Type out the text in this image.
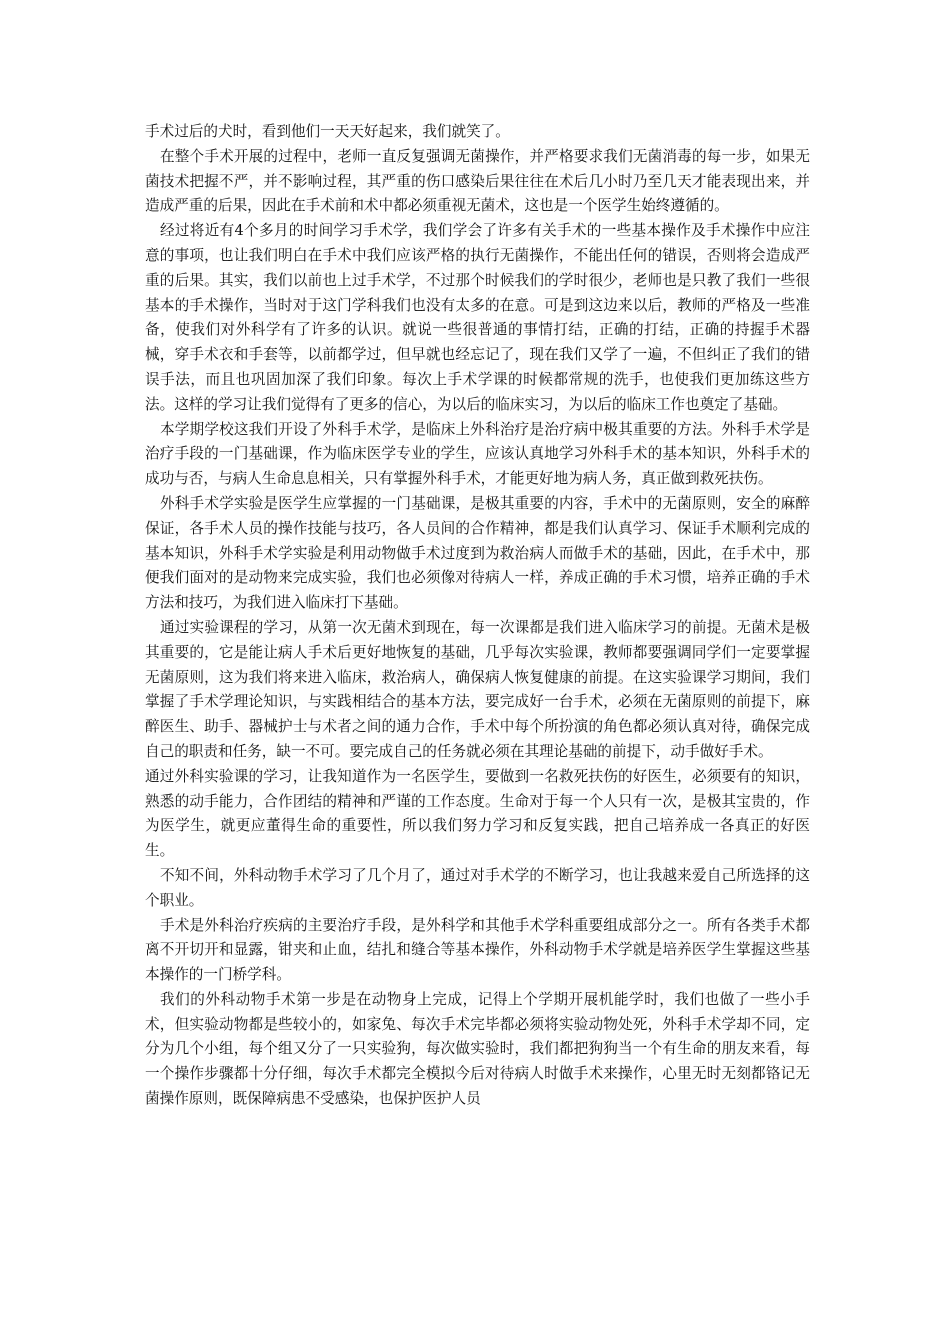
手术过后的犬时，看到他们一天天好起来，我们就笑了。

在整个手术开展的过程中，老师一直反复强调无菌操作，并严格要求我们无菌消毒的每一步，如果无菌技术把握不严，并不影响过程，其严重的伤口感染后果往往在术后几小时乃至几天才能表现出来，并造成严重的后果，因此在手术前和术中都必须重视无菌术，这也是一个医学生始终遵循的。

经过将近有4个多月的时间学习手术学，我们学会了许多有关手术的一些基本操作及手术操作中应注意的事项，也让我们明白在手术中我们应该严格的执行无菌操作，不能出任何的错误，否则将会造成严重的后果。其实，我们以前也上过手术学，不过那个时候我们的学时很少，老师也是只教了我们一些很基本的手术操作，当时对于这门学科我们也没有太多的在意。可是到这边来以后，教师的严格及一些准备，使我们对外科学有了许多的认识。就说一些很普通的事情打结，正确的打结，正确的持握手术器械，穿手术衣和手套等，以前都学过，但早就也经忘记了，现在我们又学了一遍，不但纠正了我们的错误手法，而且也巩固加深了我们印象。每次上手术学课的时候都常规的洗手，也使我们更加练这些方法。这样的学习让我们觉得有了更多的信心，为以后的临床实习，为以后的临床工作也奠定了基础。

本学期学校这我们开设了外科手术学，是临床上外科治疗是治疗病中极其重要的方法。外科手术学是治疗手段的一门基础课，作为临床医学专业的学生，应该认真地学习外科手术的基本知识，外科手术的成功与否，与病人生命息息相关，只有掌握外科手术，才能更好地为病人务，真正做到救死扶伤。

外科手术学实验是医学生应掌握的一门基础课，是极其重要的内容，手术中的无菌原则，安全的麻醉保证，各手术人员的操作技能与技巧，各人员间的合作精神，都是我们认真学习、保证手术顺利完成的基本知识，外科手术学实验是利用动物做手术过度到为救治病人而做手术的基础，因此，在手术中，那便我们面对的是动物来完成实验，我们也必须像对待病人一样，养成正确的手术习惯，培养正确的手术方法和技巧，为我们进入临床打下基础。

通过实验课程的学习，从第一次无菌术到现在，每一次课都是我们进入临床学习的前提。无菌术是极其重要的，它是能让病人手术后更好地恢复的基础，几乎每次实验课，教师都要强调同学们一定要掌握无菌原则，这为我们将来进入临床，救治病人，确保病人恢复健康的前提。在这实验课学习期间，我们掌握了手术学理论知识，与实践相结合的基本方法，要完成好一台手术，必须在无菌原则的前提下，麻醉医生、助手、器械护士与术者之间的通力合作，手术中每个所扮演的角色都必须认真对待，确保完成自己的职责和任务，缺一不可。要完成自己的任务就必须在其理论基础的前提下，动手做好手术。

通过外科实验课的学习，让我知道作为一名医学生，要做到一名救死扶伤的好医生，必须要有的知识，熟悉的动手能力，合作团结的精神和严谨的工作态度。生命对于每一个人只有一次，是极其宝贵的，作为医学生，就更应董得生命的重要性，所以我们努力学习和反复实践，把自己培养成一各真正的好医生。

不知不间，外科动物手术学习了几个月了，通过对手术学的不断学习，也让我越来爱自己所选择的这个职业。

手术是外科治疗疾病的主要治疗手段，是外科学和其他手术学科重要组成部分之一。所有各类手术都离不开切开和显露，钳夹和止血，结扎和缝合等基本操作，外科动物手术学就是培养医学生掌握这些基本操作的一门桥学科。

我们的外科动物手术第一步是在动物身上完成，记得上个学期开展机能学时，我们也做了一些小手术，但实验动物都是些较小的，如家兔、每次手术完毕都必须将实验动物处死，外科手术学却不同，定分为几个小组，每个组又分了一只实验狗，每次做实验时，我们都把狗狗当一个有生命的朋友来看，每一个操作步骤都十分仔细，每次手术都完全模拟今后对待病人时做手术来操作，心里无时无刻都铬记无菌操作原则，既保障病患不受感染，也保护医护人员
